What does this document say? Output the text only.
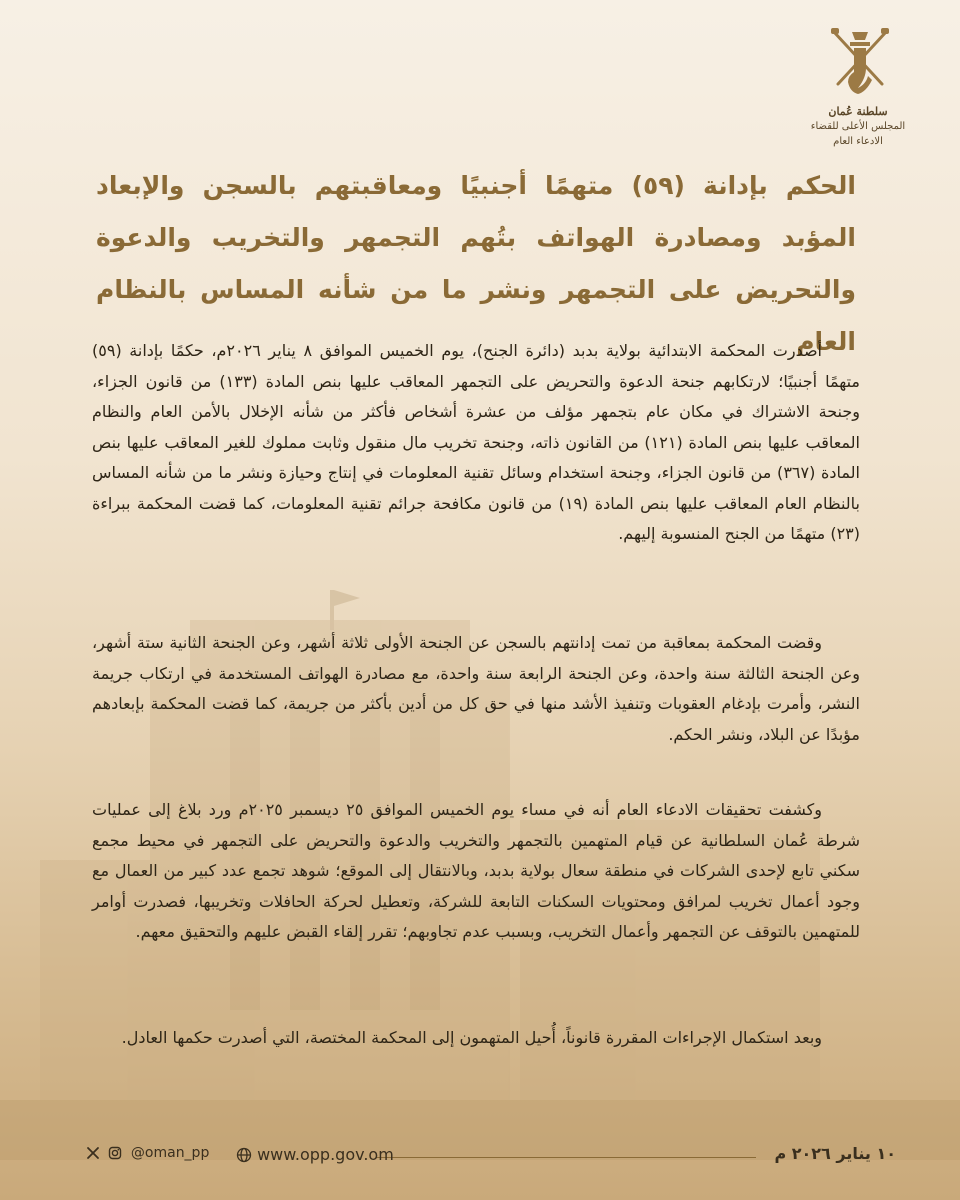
سلطنة عُمان
المجلس الأعلى للقضاء
الادعاء العام
الحكم بإدانة (٥٩) متهمًا أجنبيًا ومعاقبتهم بالسجن والإبعاد المؤبد ومصادرة الهواتف بتُهم التجمهر والتخريب والدعوة والتحريض على التجمهر ونشر ما من شأنه المساس بالنظام العام

أصدرت المحكمة الابتدائية بولاية بدبد (دائرة الجنح)، يوم الخميس الموافق ٨ يناير ٢٠٢٦م، حكمًا بإدانة (٥٩) متهمًا أجنبيًا؛ لارتكابهم جنحة الدعوة والتحريض على التجمهر المعاقب عليها بنص المادة (١٣٣) من قانون الجزاء، وجنحة الاشتراك في مكان عام بتجمهر مؤلف من عشرة أشخاص فأكثر من شأنه الإخلال بالأمن العام والنظام المعاقب عليها بنص المادة (١٢١) من القانون ذاته، وجنحة تخريب مال منقول وثابت مملوك للغير المعاقب عليها بنص المادة (٣٦٧) من قانون الجزاء، وجنحة استخدام وسائل تقنية المعلومات في إنتاج وحيازة ونشر ما من شأنه المساس بالنظام العام المعاقب عليها بنص المادة (١٩) من قانون مكافحة جرائم تقنية المعلومات، كما قضت المحكمة ببراءة (٢٣) متهمًا من الجنح المنسوبة إليهم.

وقضت المحكمة بمعاقبة من تمت إدانتهم بالسجن عن الجنحة الأولى ثلاثة أشهر، وعن الجنحة الثانية ستة أشهر، وعن الجنحة الثالثة سنة واحدة، وعن الجنحة الرابعة سنة واحدة، مع مصادرة الهواتف المستخدمة في ارتكاب جريمة النشر، وأمرت بإدغام العقوبات وتنفيذ الأشد منها في حق كل من أدين بأكثر من جريمة، كما قضت المحكمة بإبعادهم مؤبدًا عن البلاد، ونشر الحكم.

وكشفت تحقيقات الادعاء العام أنه في مساء يوم الخميس الموافق ٢٥ ديسمبر ٢٠٢٥م ورد بلاغ إلى عمليات شرطة عُمان السلطانية عن قيام المتهمين بالتجمهر والتخريب والدعوة والتحريض على التجمهر في محيط مجمع سكني تابع لإحدى الشركات في منطقة سعال بولاية بدبد، وبالانتقال إلى الموقع؛ شوهد تجمع عدد كبير من العمال مع وجود أعمال تخريب لمرافق ومحتويات السكنات التابعة للشركة، وتعطيل لحركة الحافلات وتخريبها، فصدرت أوامر للمتهمين بالتوقف عن التجمهر وأعمال التخريب، وبسبب عدم تجاوبهم؛ تقرر إلقاء القبض عليهم والتحقيق معهم.

وبعد استكمال الإجراءات المقررة قانوناً، أُحيل المتهمون إلى المحكمة المختصة، التي أصدرت حكمها العادل.

١٠ يناير ٢٠٢٦ م
www.opp.gov.om
@oman_pp
